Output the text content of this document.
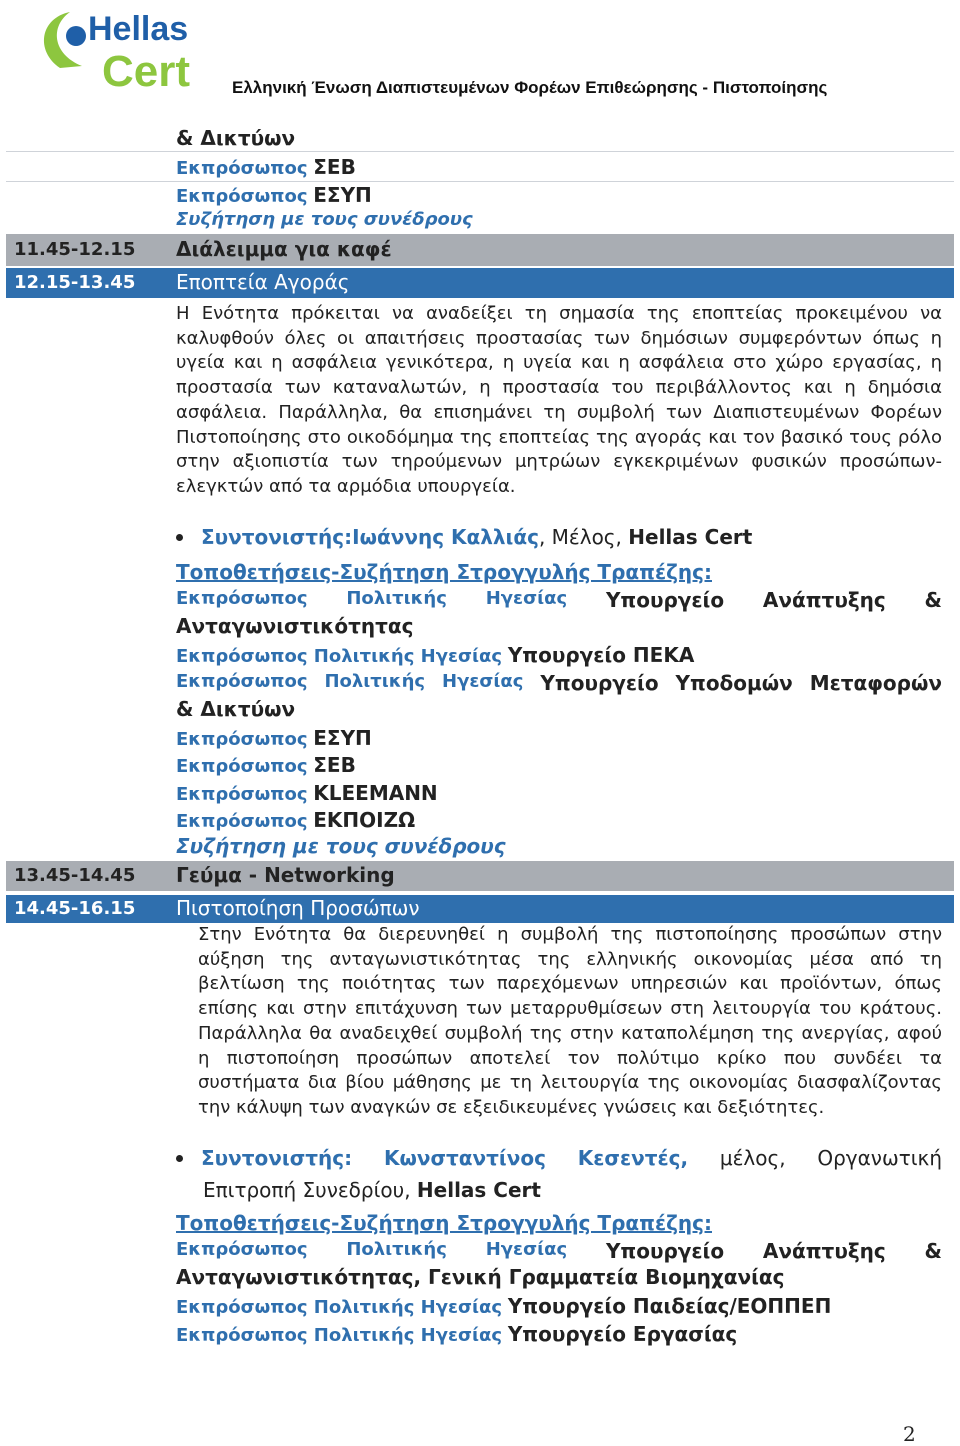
Hellas
Cert Ελληνική Ένωση Διαπιστευμένων Φορέων Επιθεώρησης - Πιστοποίησης
& Δικτύων
Εκπρόσωπος ΣΕΒ
Εκπρόσωπος ΕΣΥΠ
Συζήτηση με τους συνέδρους
11.45-12.15 Διάλειμμα για καφέ
12.15-13.45 Εποπτεία Αγοράς
Η Ενότητα πρόκειται να αναδείξει τη σημασία της εποπτείας προκειμένου να καλυφθούν όλες οι απαιτήσεις προστασίας των δημόσιων συμφερόντων όπως η υγεία και η ασφάλεια γενικότερα, η υγεία και η ασφάλεια στο χώρο εργασίας, η προστασία των καταναλωτών, η προστασία του περιβάλλοντος και η δημόσια ασφάλεια. Παράλληλα, θα επισημάνει τη συμβολή των Διαπιστευμένων Φορέων Πιστοποίησης στο οικοδόμημα της εποπτείας της αγοράς και τον βασικό τους ρόλο στην αξιοπιστία των τηρούμενων μητρώων εγκεκριμένων φυσικών προσώπων-ελεγκτών από τα αρμόδια υπουργεία.
Συντονιστής:Ιωάννης Καλλιάς, Μέλος, Hellas Cert
Τοποθετήσεις-Συζήτηση Στρογγυλής Τραπέζης:
Εκπρόσωπος Πολιτικής Ηγεσίας Υπουργείο Ανάπτυξης &
Ανταγωνιστικότητας
Εκπρόσωπος Πολιτικής Ηγεσίας Υπουργείο ΠΕΚΑ
Εκπρόσωπος Πολιτικής Ηγεσίας Υπουργείο Υποδομών Μεταφορών
& Δικτύων
Εκπρόσωπος ΕΣΥΠ
Εκπρόσωπος ΣΕΒ
Εκπρόσωπος KLEEMANN
Εκπρόσωπος ΕΚΠΟΙΖΩ
Συζήτηση με τους συνέδρους
13.45-14.45 Γεύμα - Networking
14.45-16.15 Πιστοποίηση Προσώπων
Στην Ενότητα θα διερευνηθεί η συμβολή της πιστοποίησης προσώπων στην αύξηση της ανταγωνιστικότητας της ελληνικής οικονομίας μέσα από τη βελτίωση της ποιότητας των παρεχόμενων υπηρεσιών και προϊόντων, όπως επίσης και στην επιτάχυνση των μεταρρυθμίσεων στη λειτουργία του κράτους. Παράλληλα θα αναδειχθεί συμβολή της στην καταπολέμηση της ανεργίας, αφού η πιστοποίηση προσώπων αποτελεί τον πολύτιμο κρίκο που συνδέει τα συστήματα δια βίου μάθησης με τη λειτουργία της οικονομίας διασφαλίζοντας την κάλυψη των αναγκών σε εξειδικευμένες γνώσεις και δεξιότητες.
Συντονιστής: Κωνσταντίνος Κεσεντές, μέλος, Οργανωτική
Επιτροπή Συνεδρίου, Hellas Cert
Τοποθετήσεις-Συζήτηση Στρογγυλής Τραπέζης:
Εκπρόσωπος Πολιτικής Ηγεσίας Υπουργείο Ανάπτυξης &
Ανταγωνιστικότητας, Γενική Γραμματεία Βιομηχανίας
Εκπρόσωπος Πολιτικής Ηγεσίας Υπουργείο Παιδείας/ΕΟΠΠΕΠ
Εκπρόσωπος Πολιτικής Ηγεσίας Υπουργείο Εργασίας
2
